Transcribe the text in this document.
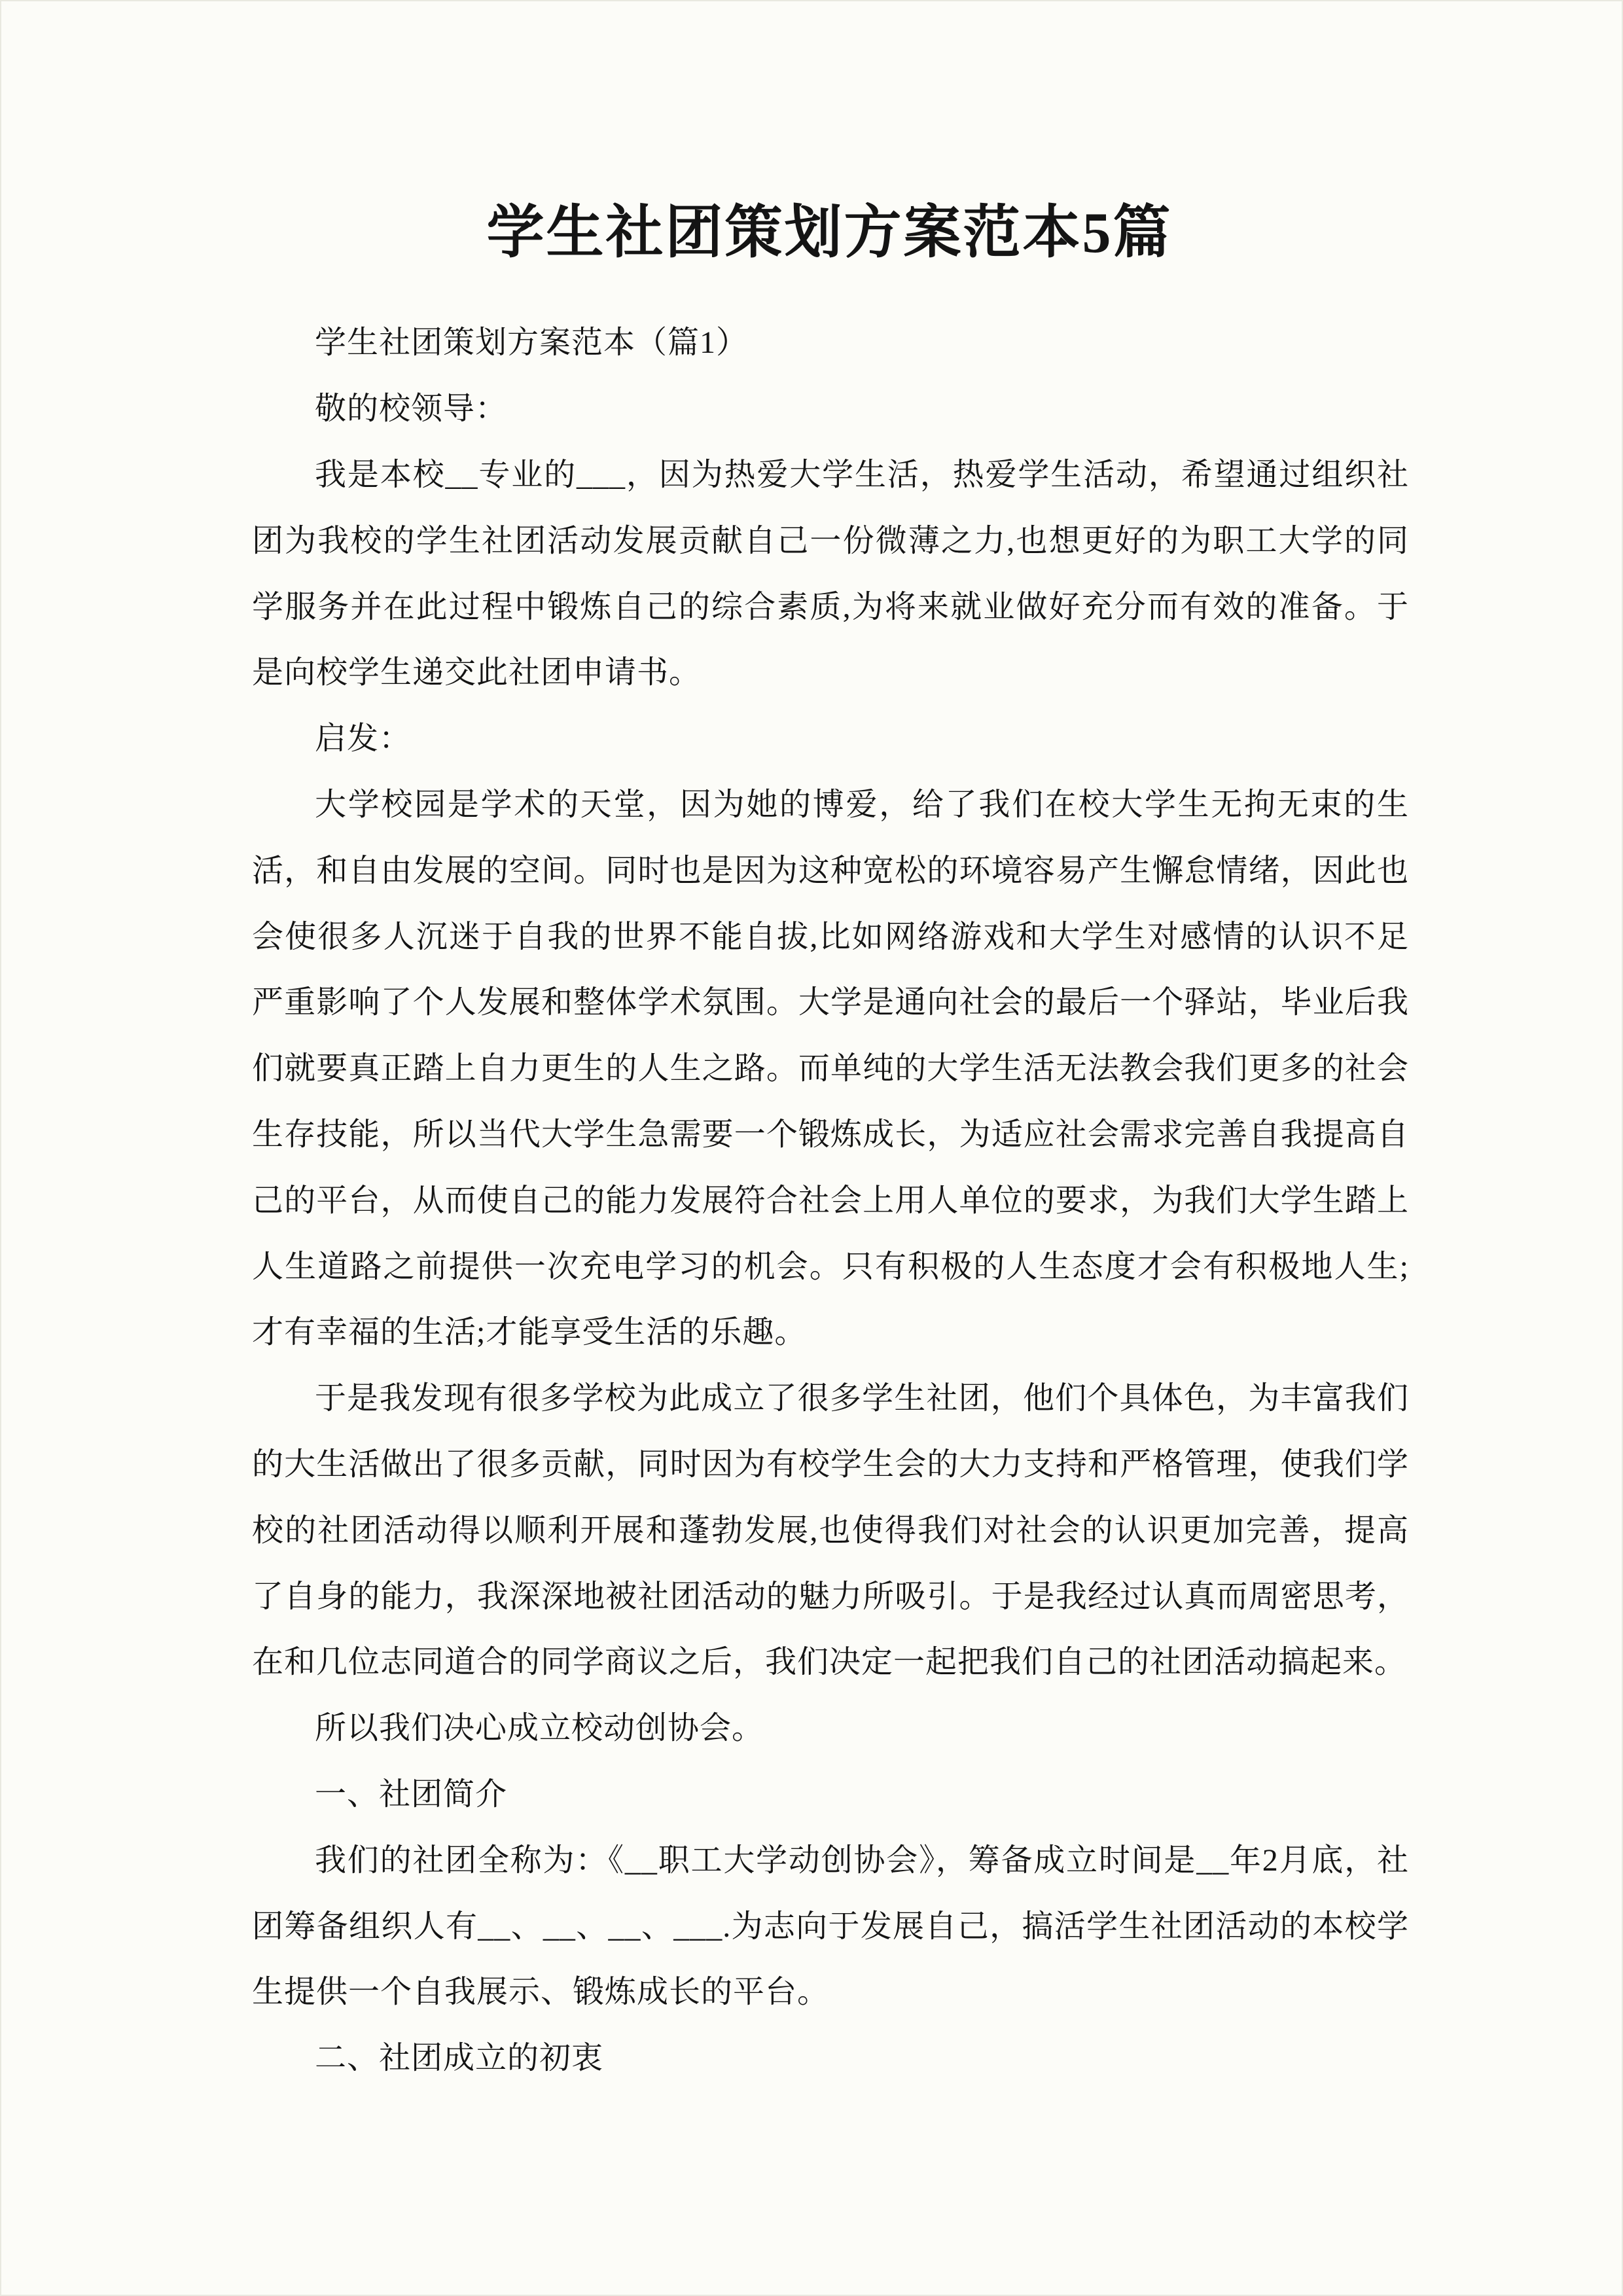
学生社团策划方案范本5篇

学生社团策划方案范本（篇1）

敬的校领导：

我是本校__专业的___，因为热爱大学生活，热爱学生活动，希望通过组织社团为我校的学生社团活动发展贡献自己一份微薄之力,也想更好的为职工大学的同学服务并在此过程中锻炼自己的综合素质,为将来就业做好充分而有效的准备。于是向校学生递交此社团申请书。

启发：

大学校园是学术的天堂，因为她的博爱，给了我们在校大学生无拘无束的生活，和自由发展的空间。同时也是因为这种宽松的环境容易产生懈怠情绪，因此也会使很多人沉迷于自我的世界不能自拔,比如网络游戏和大学生对感情的认识不足严重影响了个人发展和整体学术氛围。大学是通向社会的最后一个驿站，毕业后我们就要真正踏上自力更生的人生之路。而单纯的大学生活无法教会我们更多的社会生存技能，所以当代大学生急需要一个锻炼成长，为适应社会需求完善自我提高自己的平台，从而使自己的能力发展符合社会上用人单位的要求，为我们大学生踏上人生道路之前提供一次充电学习的机会。只有积极的人生态度才会有积极地人生;才有幸福的生活;才能享受生活的乐趣。

于是我发现有很多学校为此成立了很多学生社团，他们个具体色，为丰富我们的大生活做出了很多贡献，同时因为有校学生会的大力支持和严格管理，使我们学校的社团活动得以顺利开展和蓬勃发展,也使得我们对社会的认识更加完善，提高了自身的能力，我深深地被社团活动的魅力所吸引。于是我经过认真而周密思考，在和几位志同道合的同学商议之后，我们决定一起把我们自己的社团活动搞起来。

所以我们决心成立校动创协会。

一、社团简介

我们的社团全称为：《__职工大学动创协会》，筹备成立时间是__年2月底，社团筹备组织人有__、__、__、___.为志向于发展自己，搞活学生社团活动的本校学生提供一个自我展示、锻炼成长的平台。

二、社团成立的初衷
